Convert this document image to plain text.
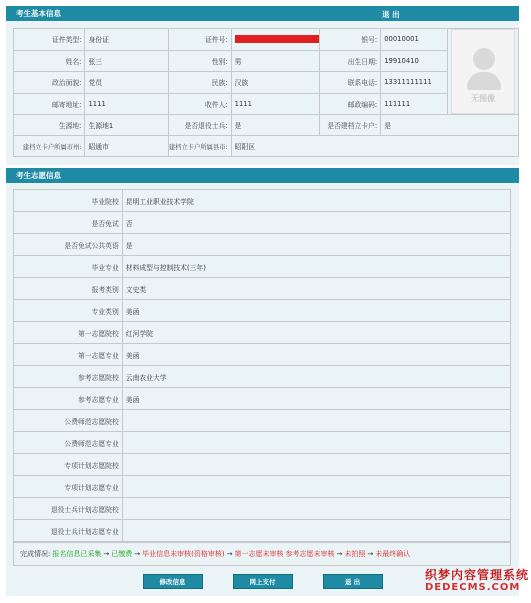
考生基本信息	退 出
证件类型:	身份证	证件号:		银号:	00010001	无图像

姓名:	张三	性别:	男	出生日期:	19910410	
政治面貌:	党员	民族:	汉族	联系电话:	13311111111	
邮寄地址:	1111	收件人:	1111	邮政编码:	111111	
生源地:	生源地1	是否退役士兵:	是	是否建档立卡户:	是	
建档立卡户所属市州:	昭通市	建档立卡户所属县市:	昭阳区			
考生志愿信息
毕业院校	昆明工业职业技术学院
是否免试	否
是否免试公共英语	是
毕业专业	材料成型与控制技术(三年)
报考类别	文史类
专业类别	美函
第一志愿院校	红河学院
第一志愿专业	美函
参考志愿院校	云南农业大学
参考志愿专业	美函
公费师范志愿院校	
公费师范志愿专业	
专项计划志愿院校	
专项计划志愿专业	
退役士兵计划志愿院校	
退役士兵计划志愿专业	
完成情况: 报名信息已采集 → 已缴费 → 毕业信息未审核(资格审核) → 第一志愿未审核 参考志愿未审核 → 未拍照 → 未最终确认
修改信息	网上支付	退 出	织梦内容管理系统
DEDECMS.COM
